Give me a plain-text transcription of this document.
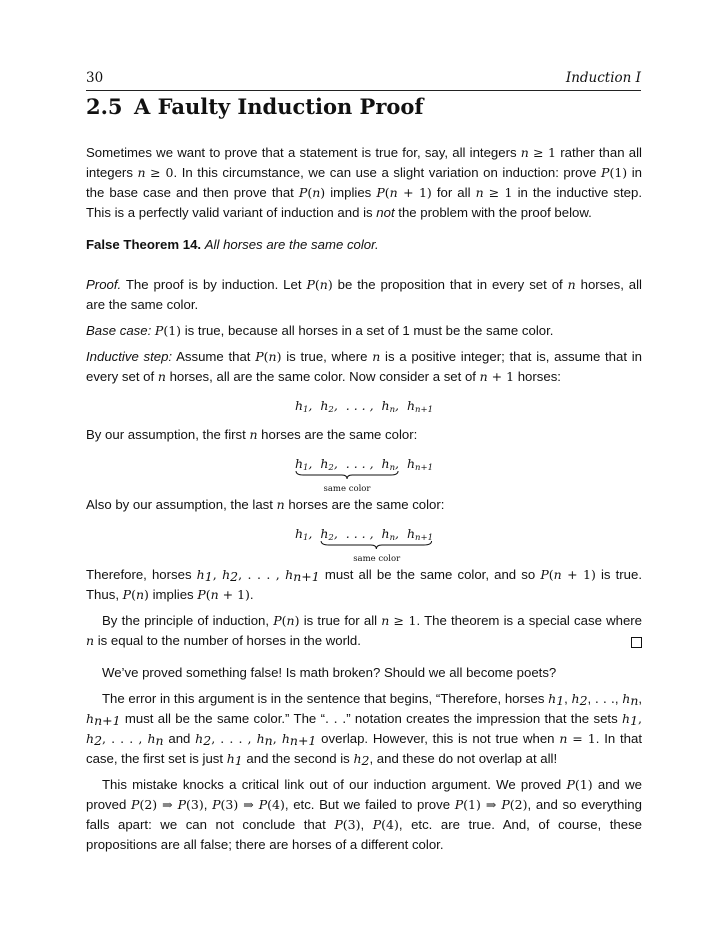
30	Induction I
2.5 A Faulty Induction Proof

Sometimes we want to prove that a statement is true for, say, all integers n ≥ 1 rather than all integers n ≥ 0. In this circumstance, we can use a slight variation on induction: prove P(1) in the base case and then prove that P(n) implies P(n + 1) for all n ≥ 1 in the inductive step. This is a perfectly valid variant of induction and is not the problem with the proof below.

False Theorem 14. All horses are the same color.

Proof. The proof is by induction. Let P(n) be the proposition that in every set of n horses, all are the same color.

Base case: P(1) is true, because all horses in a set of 1 must be the same color.

Inductive step: Assume that P(n) is true, where n is a positive integer; that is, assume that in every set of n horses, all are the same color. Now consider a set of n + 1 horses:

$h_1$,  $h_2$,  . . . ,  $h_n$,  $h_{n+1}$

By our assumption, the first n horses are the same color:

$h_1$,  $h_2$,  . . . ,  $h_n$,
same color
$h_{n+1}$

Also by our assumption, the last n horses are the same color:

$h_1$,  $h_2$,  . . . ,  $h_n$,  $h_{n+1}$
same color

Therefore, horses $h_1$, $h_2$, . . . , $h_{n+1}$ must all be the same color, and so P(n + 1) is true. Thus, P(n) implies P(n + 1).

By the principle of induction, P(n) is true for all n ≥ 1. The theorem is a special case where n is equal to the number of horses in the world.

We’ve proved something false! Is math broken? Should we all become poets?

The error in this argument is in the sentence that begins, “Therefore, horses $h_1$, $h_2$, . . ., $h_n$, $h_{n+1}$ must all be the same color.” The “. . .” notation creates the impression that the sets $h_1$, $h_2$, . . . , $h_n$ and $h_2$, . . . , $h_n$, $h_{n+1}$ overlap. However, this is not true when n = 1. In that case, the first set is just $h_1$ and the second is $h_2$, and these do not overlap at all!

This mistake knocks a critical link out of our induction argument. We proved P(1) and we proved P(2) ⇒ P(3), P(3) ⇒ P(4), etc. But we failed to prove P(1) ⇒ P(2), and so everything falls apart: we can not conclude that P(3), P(4), etc. are true. And, of course, these propositions are all false; there are horses of a different color.
